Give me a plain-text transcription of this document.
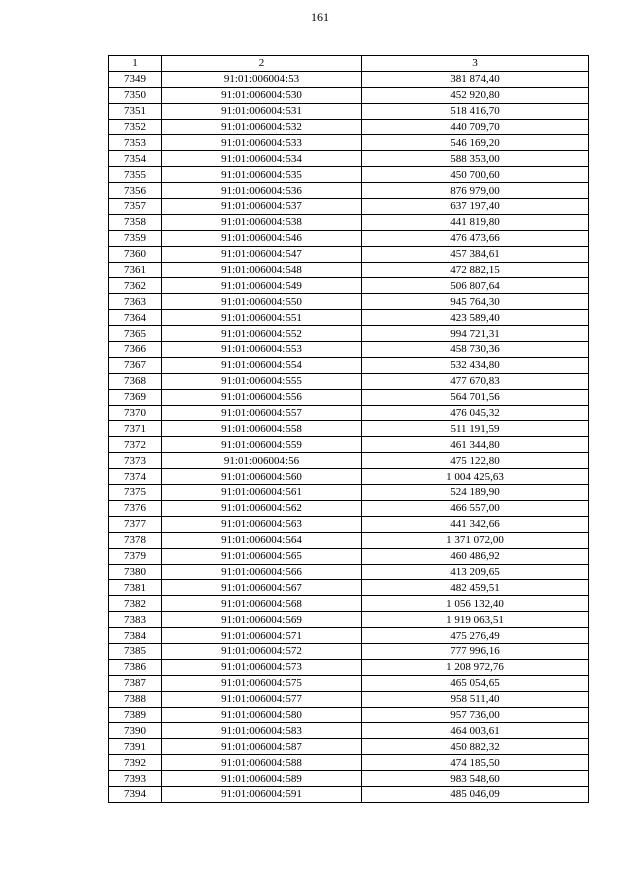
161
1	2	3
7349	91:01:006004:53	381 874,40
7350	91:01:006004:530	452 920,80
7351	91:01:006004:531	518 416,70
7352	91:01:006004:532	440 709,70
7353	91:01:006004:533	546 169,20
7354	91:01:006004:534	588 353,00
7355	91:01:006004:535	450 700,60
7356	91:01:006004:536	876 979,00
7357	91:01:006004:537	637 197,40
7358	91:01:006004:538	441 819,80
7359	91:01:006004:546	476 473,66
7360	91:01:006004:547	457 384,61
7361	91:01:006004:548	472 882,15
7362	91:01:006004:549	506 807,64
7363	91:01:006004:550	945 764,30
7364	91:01:006004:551	423 589,40
7365	91:01:006004:552	994 721,31
7366	91:01:006004:553	458 730,36
7367	91:01:006004:554	532 434,80
7368	91:01:006004:555	477 670,83
7369	91:01:006004:556	564 701,56
7370	91:01:006004:557	476 045,32
7371	91:01:006004:558	511 191,59
7372	91:01:006004:559	461 344,80
7373	91:01:006004:56	475 122,80
7374	91:01:006004:560	1 004 425,63
7375	91:01:006004:561	524 189,90
7376	91:01:006004:562	466 557,00
7377	91:01:006004:563	441 342,66
7378	91:01:006004:564	1 371 072,00
7379	91:01:006004:565	460 486,92
7380	91:01:006004:566	413 209,65
7381	91:01:006004:567	482 459,51
7382	91:01:006004:568	1 056 132,40
7383	91:01:006004:569	1 919 063,51
7384	91:01:006004:571	475 276,49
7385	91:01:006004:572	777 996,16
7386	91:01:006004:573	1 208 972,76
7387	91:01:006004:575	465 054,65
7388	91:01:006004:577	958 511,40
7389	91:01:006004:580	957 736,00
7390	91:01:006004:583	464 003,61
7391	91:01:006004:587	450 882,32
7392	91:01:006004:588	474 185,50
7393	91:01:006004:589	983 548,60
7394	91:01:006004:591	485 046,09
